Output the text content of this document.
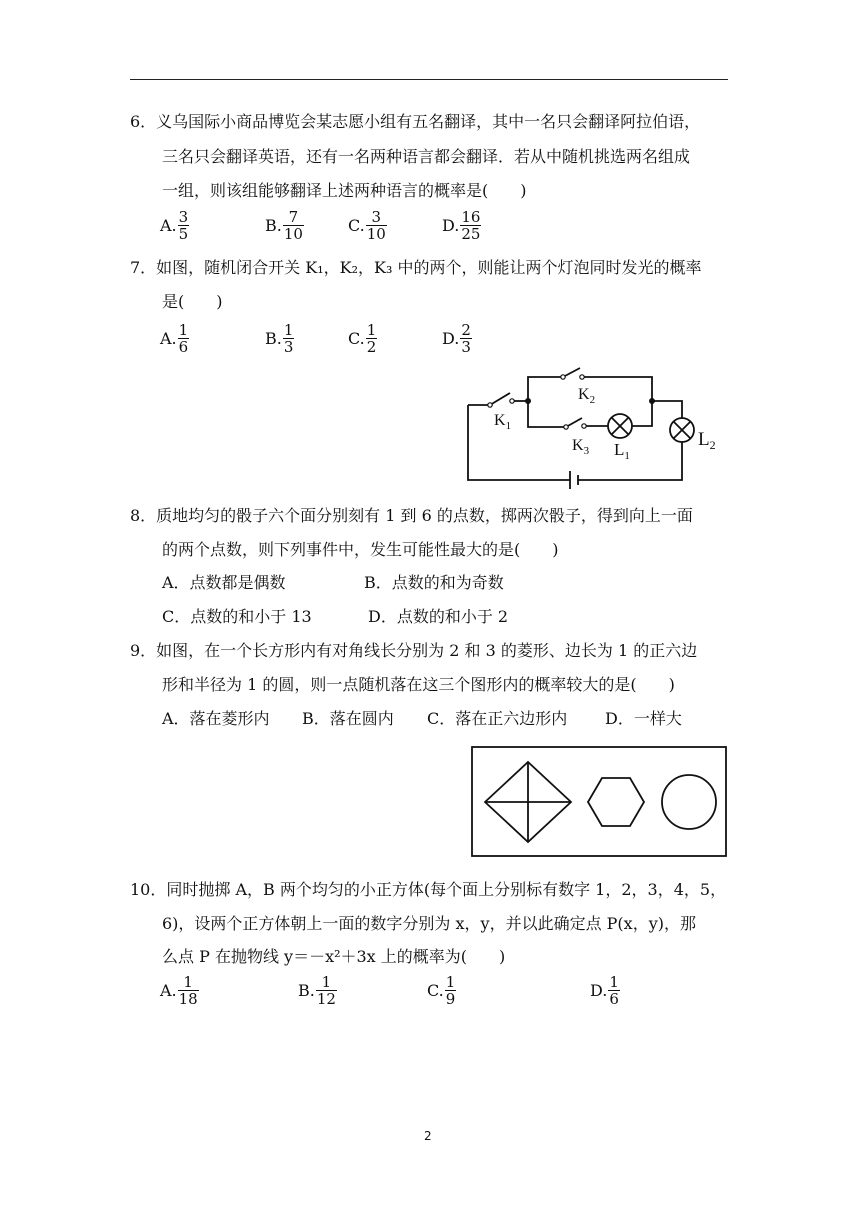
6．义乌国际小商品博览会某志愿小组有五名翻译，其中一名只会翻译阿拉伯语，
三名只会翻译英语，还有一名两种语言都会翻译．若从中随机挑选两名组成
一组，则该组能够翻译上述两种语言的概率是(　　)
A. $\frac{3}{5}$	B. $\frac{7}{10}$	C. $\frac{3}{10}$	D. $\frac{16}{25}$
7．如图，随机闭合开关 K₁，K₂，K₃ 中的两个，则能让两个灯泡同时发光的概率
是(　　)
A. $\frac{1}{6}$	B. $\frac{1}{3}$	C. $\frac{1}{2}$	D. $\frac{2}{3}$
$K_1$
$K_2$
$K_3$ $L_1$
$L_2$
8．质地均匀的骰子六个面分别刻有 1 到 6 的点数，掷两次骰子，得到向上一面
的两个点数，则下列事件中，发生可能性最大的是(　　)
A．点数都是偶数	B．点数的和为奇数
C．点数的和小于 13	D．点数的和小于 2
9．如图，在一个长方形内有对角线长分别为 2 和 3 的菱形、边长为 1 的正六边
形和半径为 1 的圆，则一点随机落在这三个图形内的概率较大的是(　　)
A．落在菱形内 B．落在圆内 C．落在正六边形内 D．一样大
10．同时抛掷 A，B 两个均匀的小正方体(每个面上分别标有数字 1，2，3，4，5，
6)，设两个正方体朝上一面的数字分别为 x，y，并以此确定点 P(x，y)，那
么点 P 在抛物线 y＝－x²＋3x 上的概率为(　　)
A. $\frac{1}{18}$	B. $\frac{1}{12}$	C. $\frac{1}{9}$	D. $\frac{1}{6}$
2
